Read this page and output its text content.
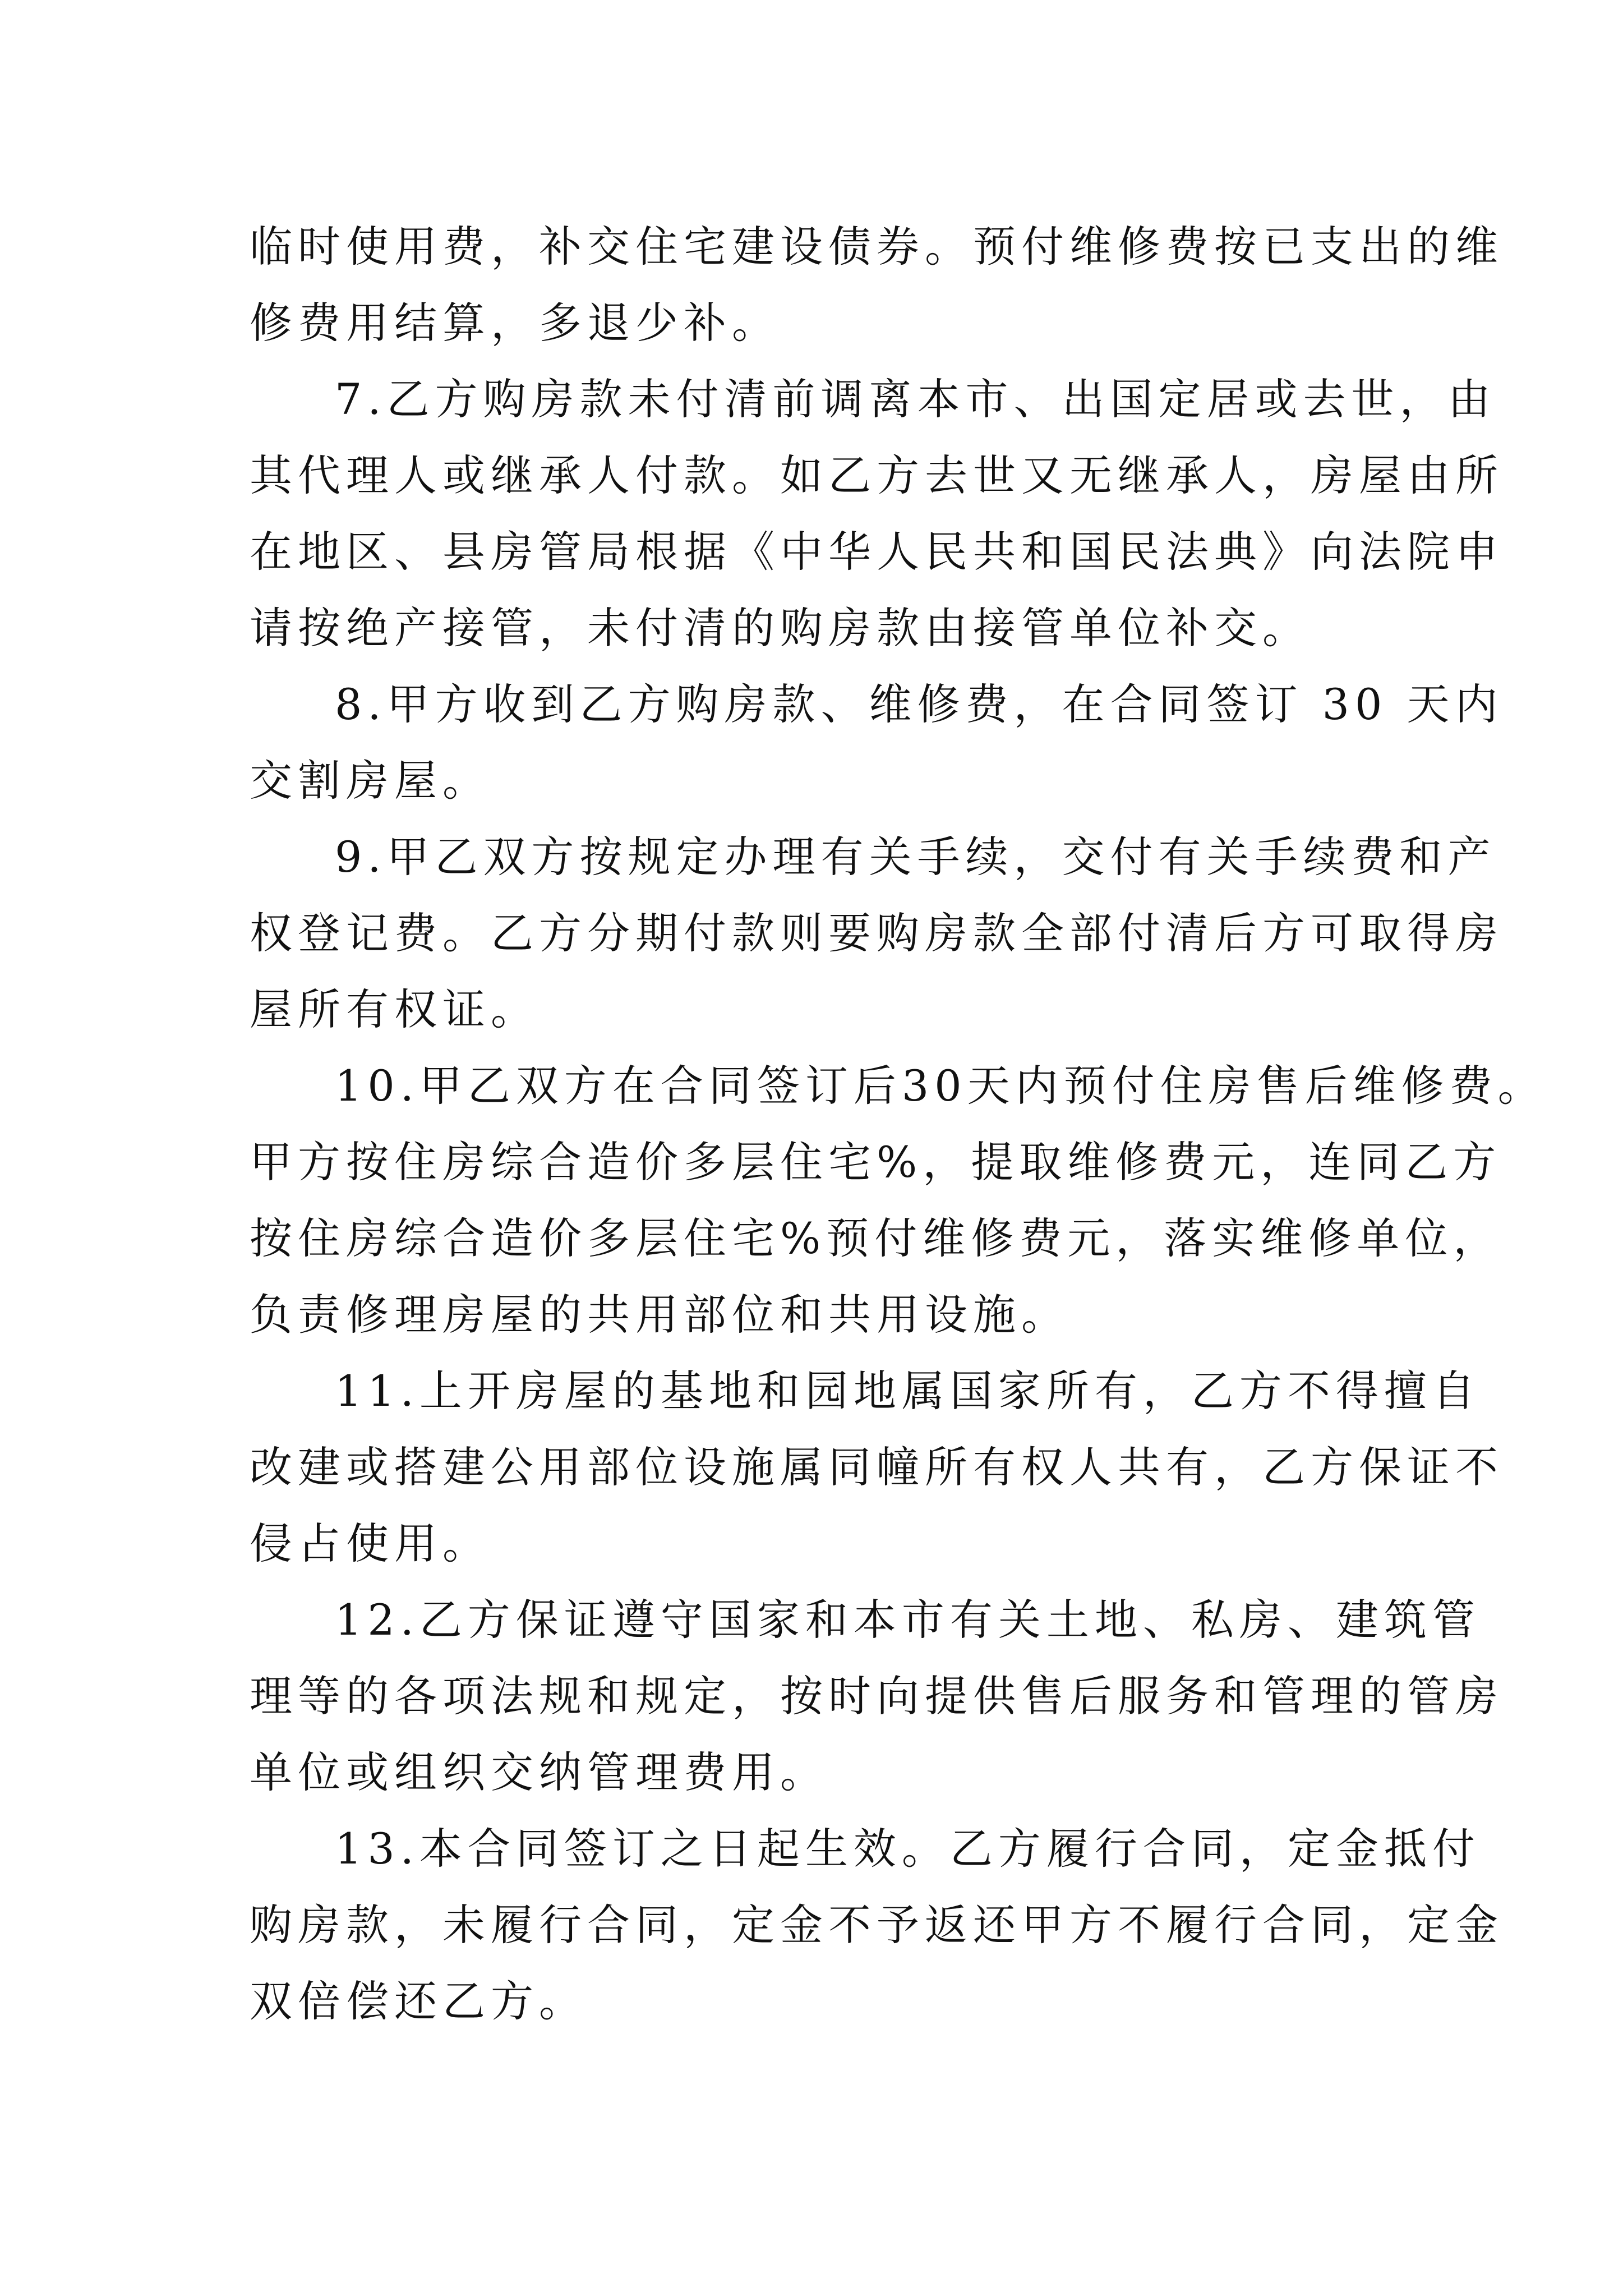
临时使用费，补交住宅建设债券。预付维修费按已支出的维
修费用结算，多退少补。
7.乙方购房款未付清前调离本市、出国定居或去世，由
其代理人或继承人付款。如乙方去世又无继承人，房屋由所
在地区、县房管局根据《中华人民共和国民法典》向法院申
请按绝产接管，未付清的购房款由接管单位补交。
8.甲方收到乙方购房款、维修费，在合同签订 30 天内
交割房屋。
9.甲乙双方按规定办理有关手续，交付有关手续费和产
权登记费。乙方分期付款则要购房款全部付清后方可取得房
屋所有权证。
10.甲乙双方在合同签订后30天内预付住房售后维修费。
甲方按住房综合造价多层住宅%，提取维修费元，连同乙方
按住房综合造价多层住宅%预付维修费元，落实维修单位，
负责修理房屋的共用部位和共用设施。
11.上开房屋的基地和园地属国家所有，乙方不得擅自
改建或搭建公用部位设施属同幢所有权人共有，乙方保证不
侵占使用。
12.乙方保证遵守国家和本市有关土地、私房、建筑管
理等的各项法规和规定，按时向提供售后服务和管理的管房
单位或组织交纳管理费用。
13.本合同签订之日起生效。乙方履行合同，定金抵付
购房款，未履行合同，定金不予返还甲方不履行合同，定金
双倍偿还乙方。
